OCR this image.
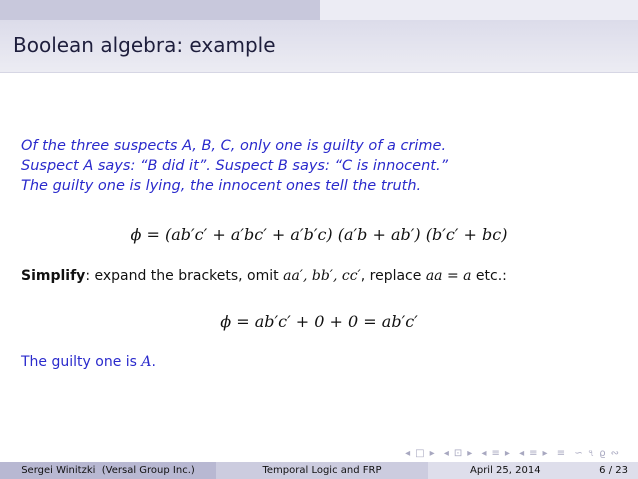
Boolean algebra: example
Of the three suspects A, B, C, only one is guilty of a crime.
Suspect A says: “B did it”. Suspect B says: “C is innocent.”
The guilty one is lying, the innocent ones tell the truth.
ϕ = (ab′c′ + a′bc′ + a′b′c) (a′b + ab′) (b′c′ + bc)
Simplify: expand the brackets, omit aa′, bb′, cc′, replace aa = a etc.:
ϕ = ab′c′ + 0 + 0 = ab′c′
The guilty one is A.
◂ □ ▸ ◂ ⊡ ▸ ◂ ≡ ▸ ◂ ≡ ▸ ≡ ∽ ৭ ϱ ∾
Sergei Winitzki  (Versal Group Inc.)	Temporal Logic and FRP	April 25, 2014	6 / 23
